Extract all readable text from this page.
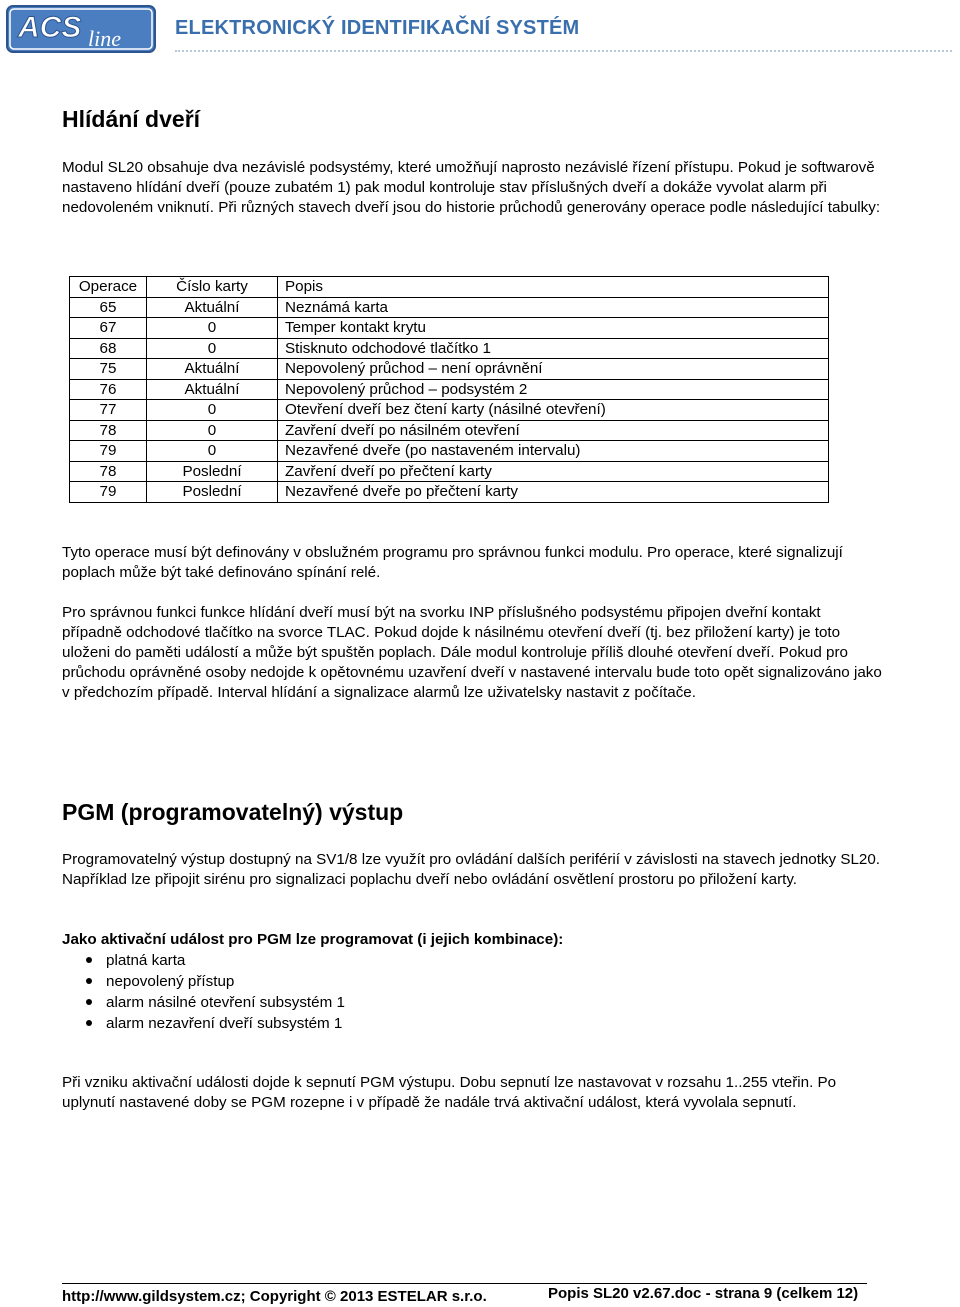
ACS line	ELEKTRONICKÝ IDENTIFIKAČNÍ SYSTÉM
Hlídání dveří

Modul SL20 obsahuje dva nezávislé podsystémy, které umožňují naprosto nezávislé řízení přístupu. Pokud je softwarově nastaveno hlídání dveří (pouze zubatém 1) pak modul kontroluje stav příslušných dveří a dokáže vyvolat alarm při nedovoleném vniknutí. Při různých stavech dveří jsou do historie průchodů generovány operace podle následující tabulky:

Operace	Číslo karty	Popis
65	Aktuální	Neznámá karta
67	0	Temper kontakt krytu
68	0	Stisknuto odchodové tlačítko 1
75	Aktuální	Nepovolený průchod – není oprávnění
76	Aktuální	Nepovolený průchod – podsystém 2
77	0	Otevření dveří bez čtení karty (násilné otevření)
78	0	Zavření dveří po násilném otevření
79	0	Nezavřené dveře (po nastaveném intervalu)
78	Poslední	Zavření dveří po přečtení karty
79	Poslední	Nezavřené dveře po přečtení karty

Tyto operace musí být definovány v obslužném programu pro správnou funkci modulu. Pro operace, které signalizují poplach může být také definováno spínání relé.

Pro správnou funkci funkce hlídání dveří musí být na svorku INP příslušného podsystému připojen dveřní kontakt případně odchodové tlačítko na svorce TLAC. Pokud dojde k násilnému otevření dveří (tj. bez přiložení karty) je toto uloženi do paměti událostí a může být spuštěn poplach. Dále modul kontroluje příliš dlouhé otevření dveří. Pokud pro průchodu oprávněné osoby nedojde k opětovnému uzavření dveří v nastavené intervalu bude toto opět signalizováno jako v předchozím případě. Interval hlídání a signalizace alarmů lze uživatelsky nastavit z počítače.

PGM (programovatelný) výstup

Programovatelný výstup dostupný na SV1/8 lze využít pro ovládání dalších periférií v závislosti na stavech jednotky SL20. Například lze připojit sirénu pro signalizaci poplachu dveří nebo ovládání osvětlení prostoru po přiložení karty.

Jako aktivační událost pro PGM lze programovat (i jejich kombinace):

platná karta
nepovolený přístup
alarm násilné otevření subsystém 1
alarm nezavření dveří subsystém 1

Při vzniku aktivační události dojde k sepnutí PGM výstupu. Dobu sepnutí lze nastavovat v rozsahu 1..255 vteřin. Po uplynutí nastavené doby se PGM rozepne i v případě že nadále trvá aktivační událost, která vyvolala sepnutí.

http://www.gildsystem.cz; Copyright © 2013 ESTELAR s.r.o.	Popis SL20 v2.67.doc - strana 9 (celkem 12)
